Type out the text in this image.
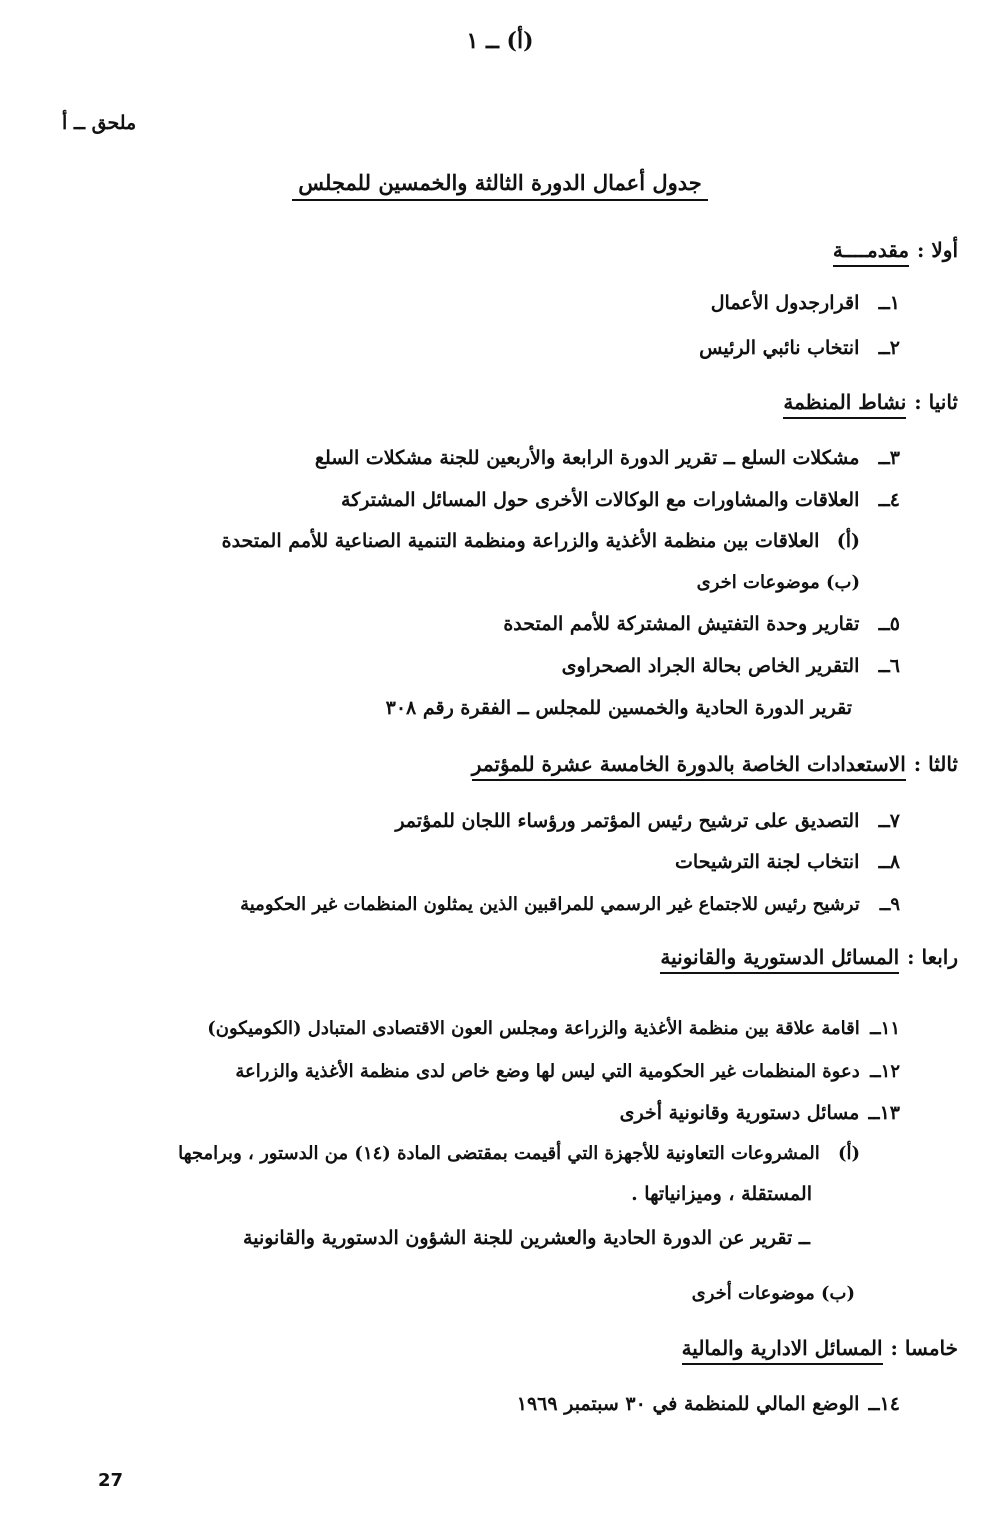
(أ) ــ ١
ملحق ــ أ
جدول أعمال الدورة الثالثة والخمسين للمجلس
أولا :مقدمــــة
١ــ اقرارجدول الأعمال
٢ــ انتخاب نائبي الرئيس
ثانيا :نشاط المنظمة
٣ــ مشكلات السلع ــ تقرير الدورة الرابعة والأربعين للجنة مشكلات السلع
٤ــ العلاقات والمشاورات مع الوكالات الأخرى حول المسائل المشتركة
(أ) العلاقات بين منظمة الأغذية والزراعة ومنظمة التنمية الصناعية للأمم المتحدة
(ب) موضوعات اخرى
٥ــ تقارير وحدة التفتيش المشتركة للأمم المتحدة
٦ــ التقرير الخاص بحالة الجراد الصحراوى
تقرير الدورة الحادية والخمسين للمجلس ــ الفقرة رقم ٣٠٨
ثالثا :الاستعدادات الخاصة بالدورة الخامسة عشرة للمؤتمر
٧ــ التصديق على ترشيح رئيس المؤتمر ورؤساء اللجان للمؤتمر
٨ــ انتخاب لجنة الترشيحات
٩ــ ترشيح رئيس للاجتماع غير الرسمي للمراقبين الذين يمثلون المنظمات غير الحكومية
رابعا :المسائل الدستورية والقانونية
١١ــ اقامة علاقة بين منظمة الأغذية والزراعة ومجلس العون الاقتصادى المتبادل (الكوميكون)
١٢ــ دعوة المنظمات غير الحكومية التي ليس لها وضع خاص لدى منظمة الأغذية والزراعة
١٣ــ مسائل دستورية وقانونية أخرى
(أ) المشروعات التعاونية للأجهزة التي أقيمت بمقتضى المادة (١٤) من الدستور ، وبرامجها
المستقلة ، وميزانياتها .
ــ تقرير عن الدورة الحادية والعشرين للجنة الشؤون الدستورية والقانونية
(ب) موضوعات أخرى
خامسا :المسائل الادارية والمالية
١٤ــ الوضع المالي للمنظمة في ٣٠ سبتمبر ١٩٦٩
27
